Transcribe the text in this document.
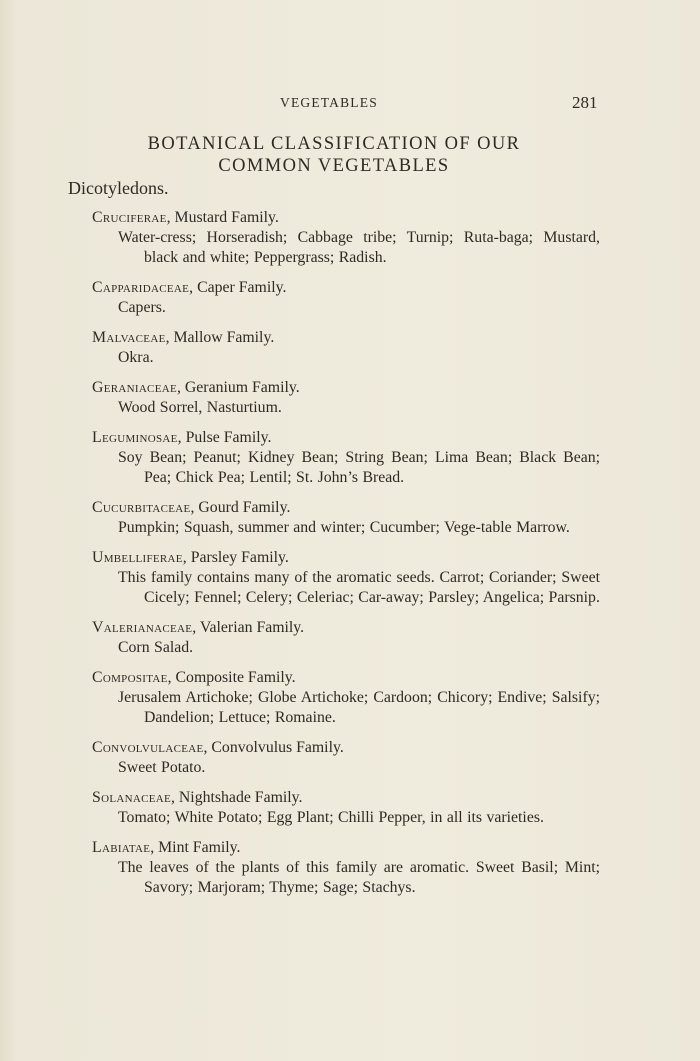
VEGETABLES	281
BOTANICAL CLASSIFICATION OF OUR
COMMON VEGETABLES
Dicotyledons.
Cruciferae, Mustard Family.
Water-cress; Horseradish; Cabbage tribe; Turnip; Ruta-baga; Mustard, black and white; Peppergrass; Radish.
Capparidaceae, Caper Family.
Capers.
Malvaceae, Mallow Family.
Okra.
Geraniaceae, Geranium Family.
Wood Sorrel, Nasturtium.
Leguminosae, Pulse Family.
Soy Bean; Peanut; Kidney Bean; String Bean; Lima Bean; Black Bean; Pea; Chick Pea; Lentil; St. John’s Bread.
Cucurbitaceae, Gourd Family.
Pumpkin; Squash, summer and winter; Cucumber; Vege-table Marrow.
Umbelliferae, Parsley Family.
This family contains many of the aromatic seeds. Carrot; Coriander; Sweet Cicely; Fennel; Celery; Celeriac; Car-away; Parsley; Angelica; Parsnip.
Valerianaceae, Valerian Family.
Corn Salad.
Compositae, Composite Family.
Jerusalem Artichoke; Globe Artichoke; Cardoon; Chicory; Endive; Salsify; Dandelion; Lettuce; Romaine.
Convolvulaceae, Convolvulus Family.
Sweet Potato.
Solanaceae, Nightshade Family.
Tomato; White Potato; Egg Plant; Chilli Pepper, in all its varieties.
Labiatae, Mint Family.
The leaves of the plants of this family are aromatic. Sweet Basil; Mint; Savory; Marjoram; Thyme; Sage; Stachys.
